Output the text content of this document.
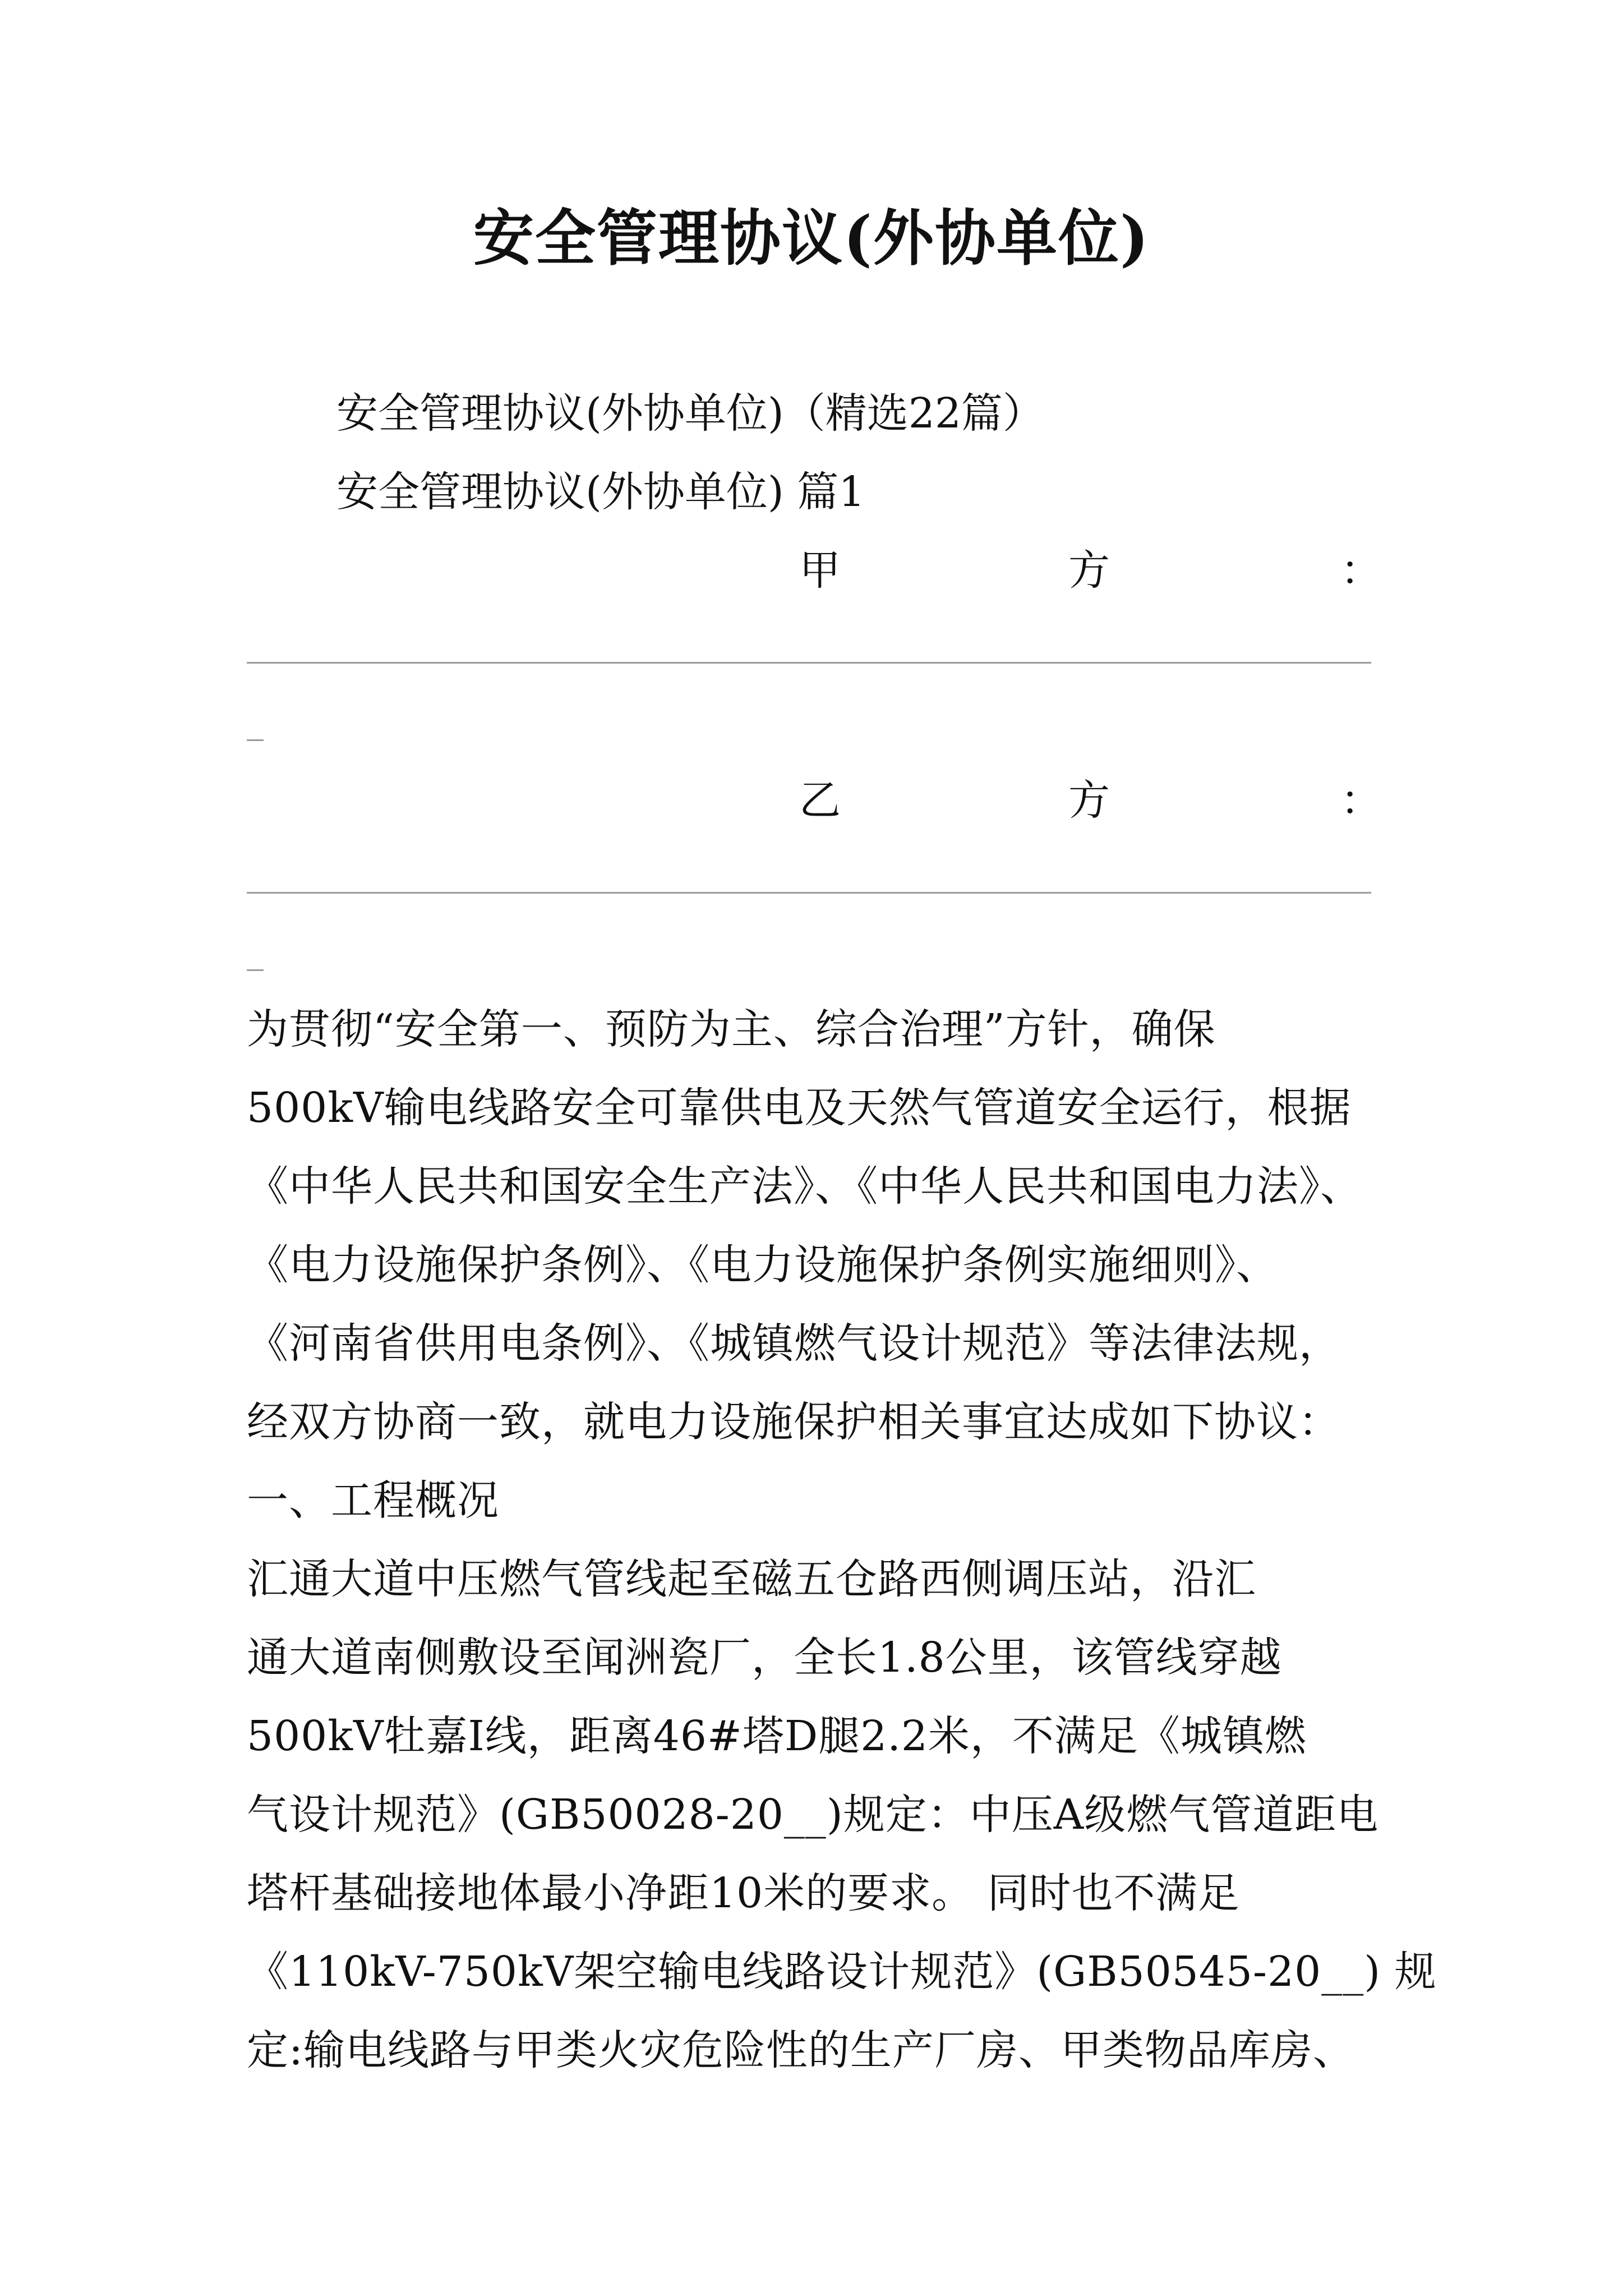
安全管理协议(外协单位)
安全管理协议(外协单位)（精选22篇）
安全管理协议(外协单位) 篇1
甲	方	：
乙	方	：
为贯彻“安全第一、预防为主、综合治理”方针，确保
500kV输电线路安全可靠供电及天然气管道安全运行，根据
《中华人民共和国安全生产法》、《中华人民共和国电力法》、
《电力设施保护条例》、《电力设施保护条例实施细则》、
《河南省供用电条例》、《城镇燃气设计规范》等法律法规，
经双方协商一致，就电力设施保护相关事宜达成如下协议：
一、工程概况
汇通大道中压燃气管线起至磁五仓路西侧调压站，沿汇
通大道南侧敷设至闻洲瓷厂，全长1.8公里，该管线穿越
500kV牡嘉Ⅰ线，距离46#塔D腿2.2米，不满足《城镇燃
气设计规范》(GB50028-20__)规定：中压A级燃气管道距电
塔杆基础接地体最小净距10米的要求。 同时也不满足
《110kV-750kV架空输电线路设计规范》(GB50545-20__) 规
定:输电线路与甲类火灾危险性的生产厂房、甲类物品库房、
